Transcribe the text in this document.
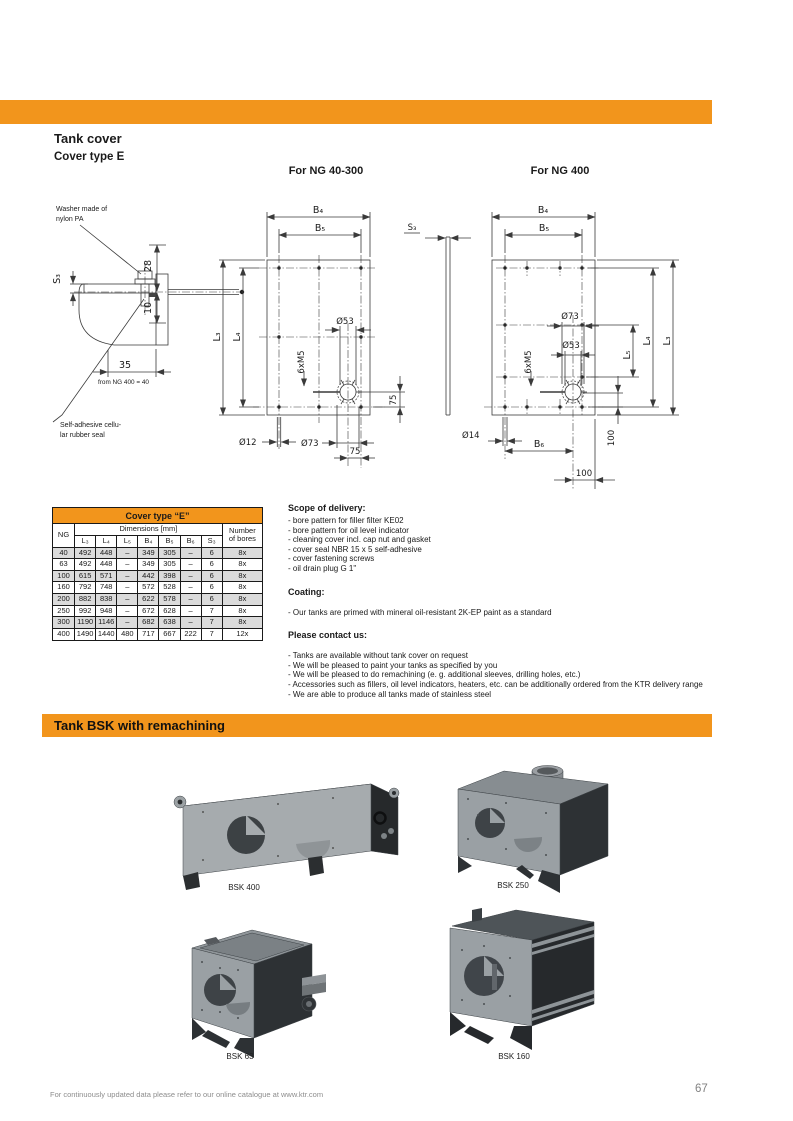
Tank cover
Cover type E
For NG 40-300	For NG 400
Washer made of
nylon PA
S₃
28
10
35
from NG 400 = 40
Self-adhesive cellu-
lar rubber seal
B₄
B₅
L₃ L₄
Ø53
6xM5
75
Ø12	Ø73
75
S₃
B₄
B₅
Ø73
Ø53
6xM5	L₅
L₄ L₃
Ø14
B₆	100
100
Cover type “E”								
NG	Dimensions [mm]							Number
of bores
	L₃	L₄	L₅	B₄	B₅	B₆	S₃	
40	492	448	–	349	305	–	6	8x
63	492	448	–	349	305	–	6	8x
100	615	571	–	442	398	–	6	8x
160	792	748	–	572	528	–	6	8x
200	882	838	–	622	578	–	6	8x
250	992	948	–	672	628	–	7	8x
300	1190	1146	–	682	638	–	7	8x
400	1490	1440	480	717	667	222	7	12x
Scope of delivery:
- bore pattern for filler filter KE02
- bore pattern for oil level indicator
- cleaning cover incl. cap nut and gasket
- cover seal NBR 15 x 5 self-adhesive
- cover fastening screws
- oil drain plug G 1"
Coating:
- Our tanks are primed with mineral oil-resistant 2K-EP paint as a standard
Please contact us:
- Tanks are available without tank cover on request
- We will be pleased to paint your tanks as specified by you
- We will be pleased to do remachining (e. g. additional sleeves, drilling holes, etc.)
- Accessories such as fillers, oil level indicators, heaters, etc. can be additionally ordered from the KTR delivery range
- We are able to produce all tanks made of stainless steel
Tank BSK with remachining
BSK 400	BSK 250
BSK 63	BSK 160
For continuously updated data please refer to our online catalogue at www.ktr.com	67
